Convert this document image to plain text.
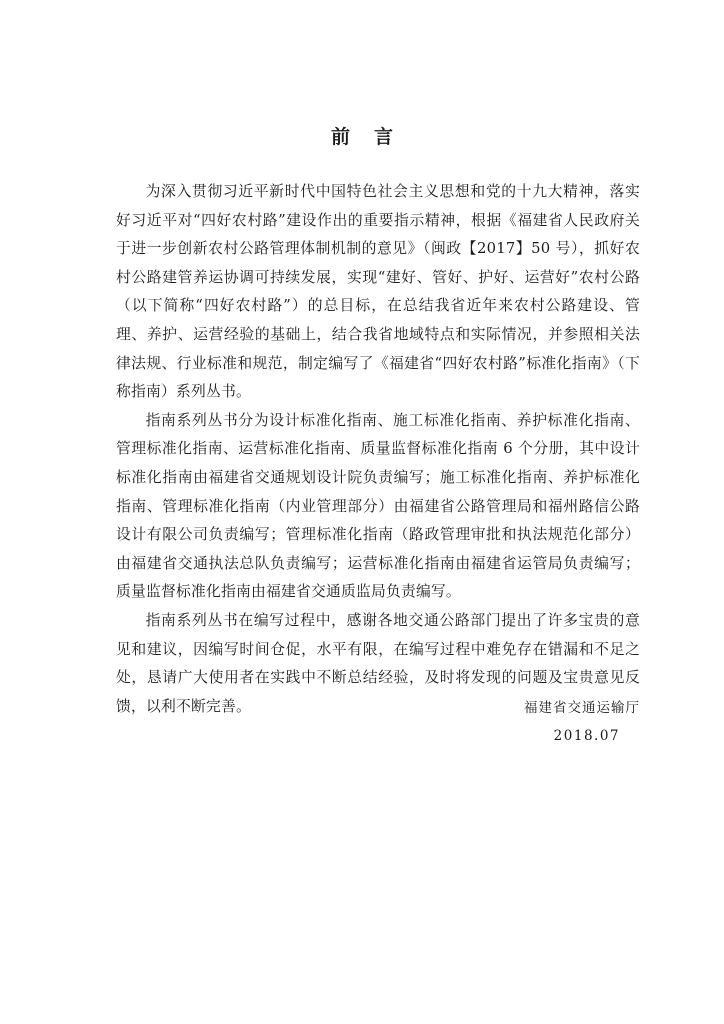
前言

为深入贯彻习近平新时代中国特色社会主义思想和党的十九大精神，落实好习近平对“四好农村路”建设作出的重要指示精神，根据《福建省人民政府关于进一步创新农村公路管理体制机制的意见》（闽政【2017】50 号），抓好农村公路建管养运协调可持续发展，实现“建好、管好、护好、运营好”农村公路（以下简称“四好农村路”）的总目标，在总结我省近年来农村公路建设、管理、养护、运营经验的基础上，结合我省地域特点和实际情况，并参照相关法律法规、行业标准和规范，制定编写了《福建省“四好农村路”标准化指南》（下称指南）系列丛书。

指南系列丛书分为设计标准化指南、施工标准化指南、养护标准化指南、管理标准化指南、运营标准化指南、质量监督标准化指南 6 个分册，其中设计标准化指南由福建省交通规划设计院负责编写；施工标准化指南、养护标准化指南、管理标准化指南（内业管理部分）由福建省公路管理局和福州路信公路设计有限公司负责编写；管理标准化指南（路政管理审批和执法规范化部分）由福建省交通执法总队负责编写；运营标准化指南由福建省运管局负责编写；质量监督标准化指南由福建省交通质监局负责编写。

指南系列丛书在编写过程中，感谢各地交通公路部门提出了许多宝贵的意见和建议，因编写时间仓促，水平有限，在编写过程中难免存在错漏和不足之处，恳请广大使用者在实践中不断总结经验，及时将发现的问题及宝贵意见反馈，以利不断完善。	福建省交通运输厅
2018.07
